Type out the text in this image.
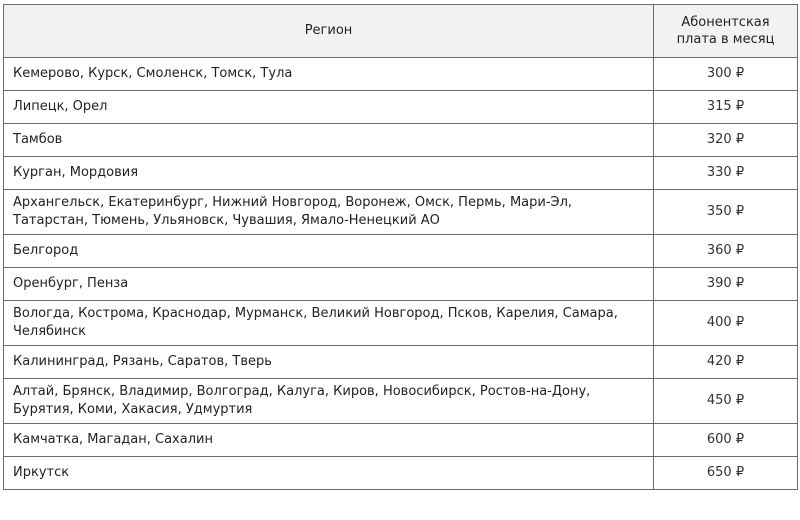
Регион	Абонентская плата в месяц
Кемерово, Курск, Смоленск, Томск, Тула	300 ₽
Липецк, Орел	315 ₽
Тамбов	320 ₽
Курган, Мордовия	330 ₽
Архангельск, Екатеринбург, Нижний Новгород, Воронеж, Омск, Пермь, Мари-Эл, Татарстан, Тюмень, Ульяновск, Чувашия, Ямало-Ненецкий АО	350 ₽
Белгород	360 ₽
Оренбург, Пенза	390 ₽
Вологда, Кострома, Краснодар, Мурманск, Великий Новгород, Псков, Карелия, Самара, Челябинск	400 ₽
Калининград, Рязань, Саратов, Тверь	420 ₽
Алтай, Брянск, Владимир, Волгоград, Калуга, Киров, Новосибирск, Ростов-на-Дону, Бурятия, Коми, Хакасия, Удмуртия	450 ₽
Камчатка, Магадан, Сахалин	600 ₽
Иркутск	650 ₽
